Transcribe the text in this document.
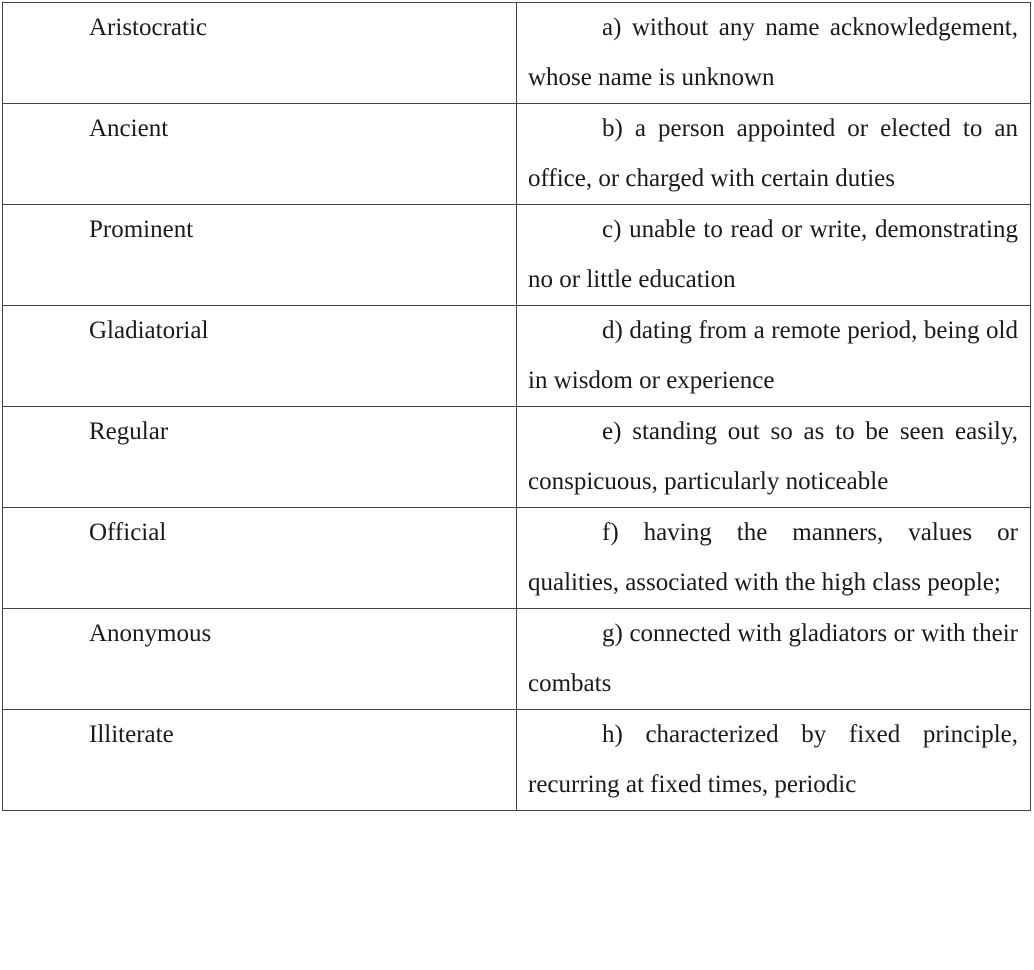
Aristocratic	a) without any name acknowledgement, whose name is unknown
Ancient	b) a person appointed or elected to an office, or charged with certain duties
Prominent	c) unable to read or write, demonstrating no or little education
Gladiatorial	d) dating from a remote period, being old in wisdom or experience
Regular	e) standing out so as to be seen easily, conspicuous, particularly noticeable
Official	f) having the manners, values or qualities, associated with the high class people;
Anonymous	g) connected with gladiators or with their combats
Illiterate	h) characterized by fixed principle, recurring at fixed times, periodic
